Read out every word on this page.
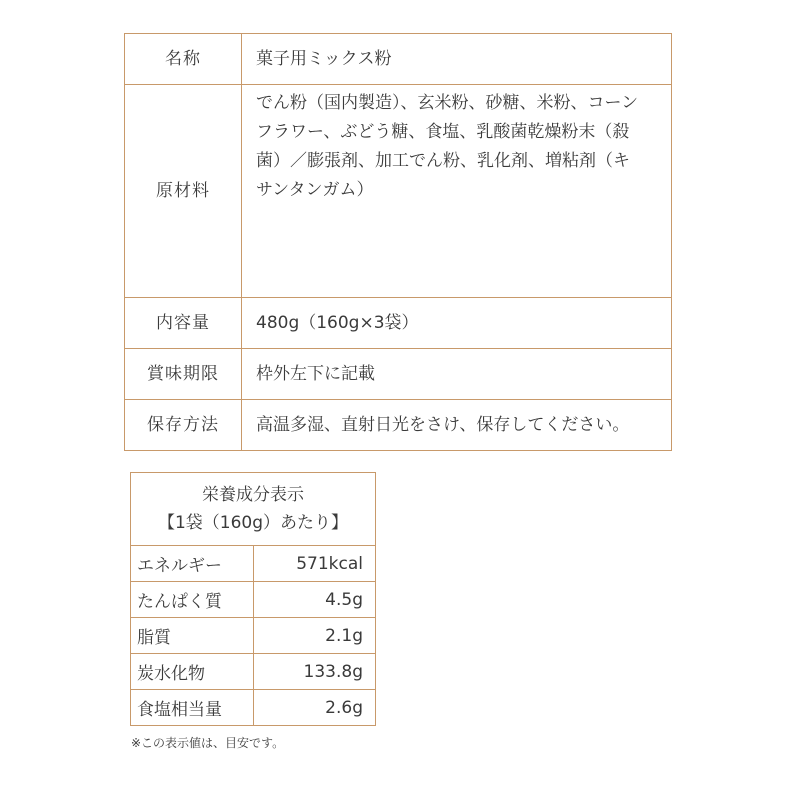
名称	菓子用ミックス粉
原材料	でん粉（国内製造）、玄米粉、砂糖、米粉、コーン
フラワー、ぶどう糖、食塩、乳酸菌乾燥粉末（殺
菌）／膨張剤、加工でん粉、乳化剤、増粘剤（キ
サンタンガム）

内容量	480g（160g×3袋）
賞味期限	枠外左下に記載
保存方法	高温多湿、直射日光をさけ、保存してください。
栄養成分表示
【1袋（160g）あたり】	

エネルギー	571kcal
たんぱく質	4.5g
脂質	2.1g
炭水化物	133.8g
食塩相当量	2.6g
※この表示値は、目安です。
